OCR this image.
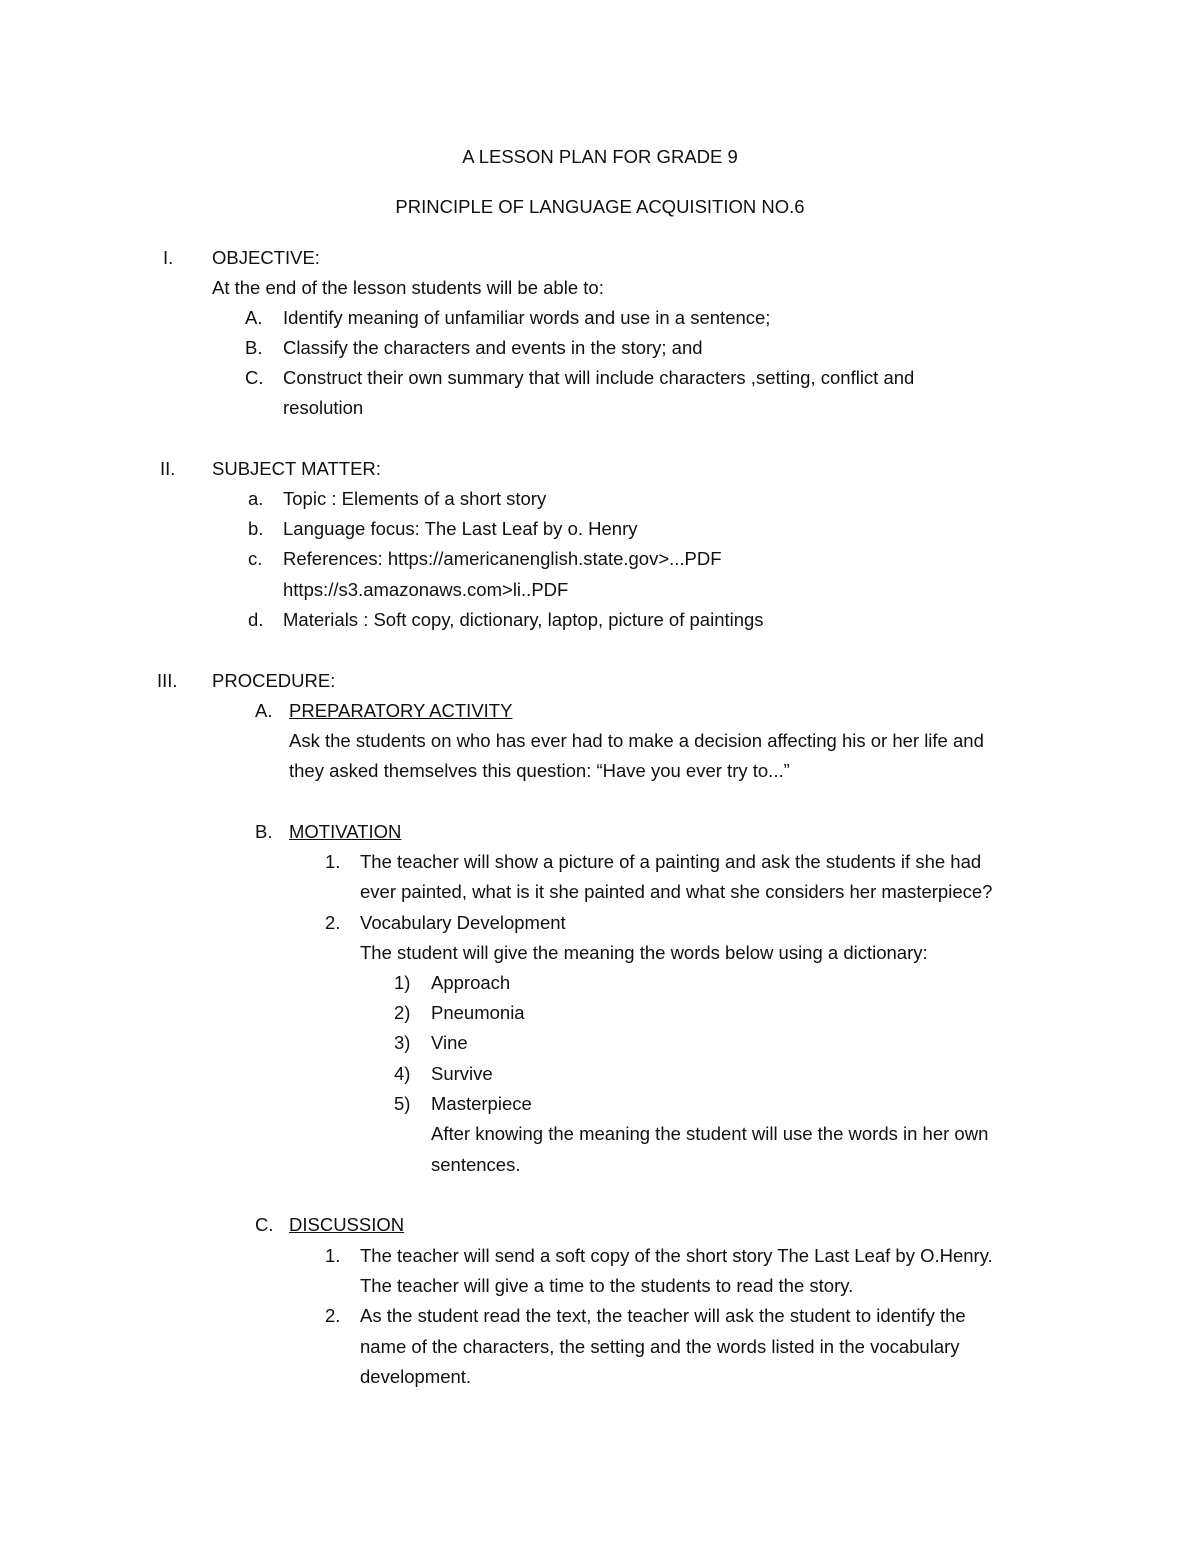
A LESSON PLAN FOR GRADE 9
PRINCIPLE OF LANGUAGE ACQUISITION NO.6
I. OBJECTIVE:
At the end of the lesson students will be able to:
A. Identify meaning of unfamiliar words and use in a sentence;
B. Classify the characters and events in the story; and
C. Construct their own summary that will include characters ,setting, conflict and
resolution
II. SUBJECT MATTER:
a. Topic : Elements of a short story
b. Language focus: The Last Leaf by o. Henry
c. References: https://americanenglish.state.gov>...PDF
https://s3.amazonaws.com>li..PDF
d. Materials : Soft copy, dictionary, laptop, picture of paintings
III. PROCEDURE:
A. PREPARATORY ACTIVITY
Ask the students on who has ever had to make a decision affecting his or her life and
they asked themselves this question: “Have you ever try to...”
B. MOTIVATION
1. The teacher will show a picture of a painting and ask the students if she had
ever painted, what is it she painted and what she considers her masterpiece?
2. Vocabulary Development
The student will give the meaning the words below using a dictionary:
1) Approach
2) Pneumonia
3) Vine
4) Survive
5) Masterpiece
After knowing the meaning the student will use the words in her own
sentences.
C. DISCUSSION
1. The teacher will send a soft copy of the short story The Last Leaf by O.Henry.
The teacher will give a time to the students to read the story.
2. As the student read the text, the teacher will ask the student to identify the
name of the characters, the setting and the words listed in the vocabulary
development.
